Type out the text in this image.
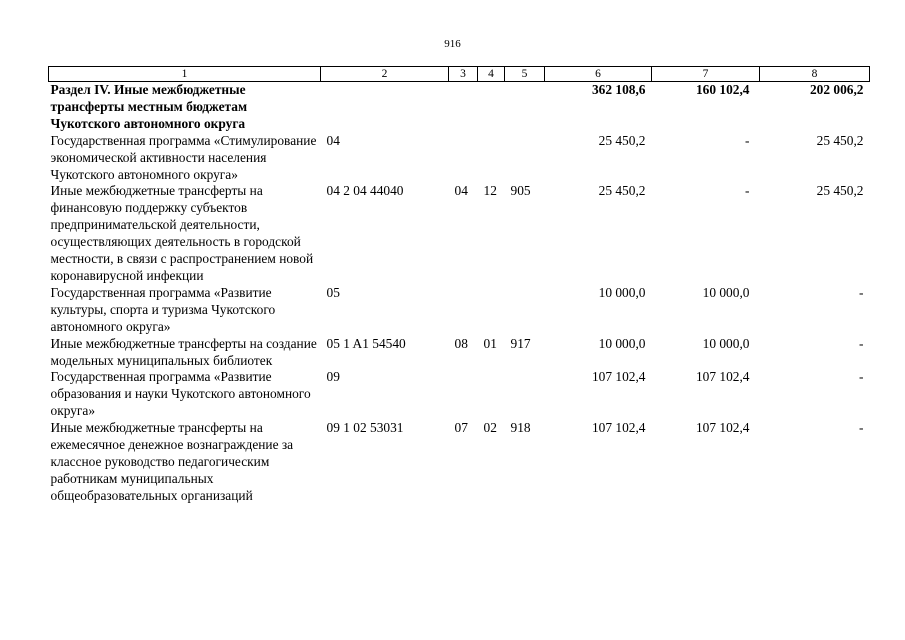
916
1	2	3	4	5	6	7	8
Раздел IV. Иные межбюджетные трансферты местным бюджетам Чукотского автономного округа					362 108,6	160 102,4	202 006,2
Государственная программа «Стимулирование экономической активности населения Чукотского автономного округа»	04				25 450,2	-	25 450,2
Иные межбюджетные трансферты на финансовую поддержку субъектов предпринимательской деятельности, осуществляющих деятельность в городской местности, в связи с распространением новой коронавирусной инфекции	04 2 04 44040	04	12	905	25 450,2	-	25 450,2
Государственная программа «Развитие культуры, спорта и туризма Чукотского автономного округа»	05				10 000,0	10 000,0	-
Иные межбюджетные трансферты на создание модельных муниципальных библиотек	05 1 A1 54540	08	01	917	10 000,0	10 000,0	-
Государственная программа «Развитие образования и науки Чукотского автономного округа»	09				107 102,4	107 102,4	-
Иные межбюджетные трансферты на ежемесячное денежное вознаграждение за классное руководство педагогическим работникам муниципальных общеобразовательных организаций	09 1 02 53031	07	02	918	107 102,4	107 102,4	-
